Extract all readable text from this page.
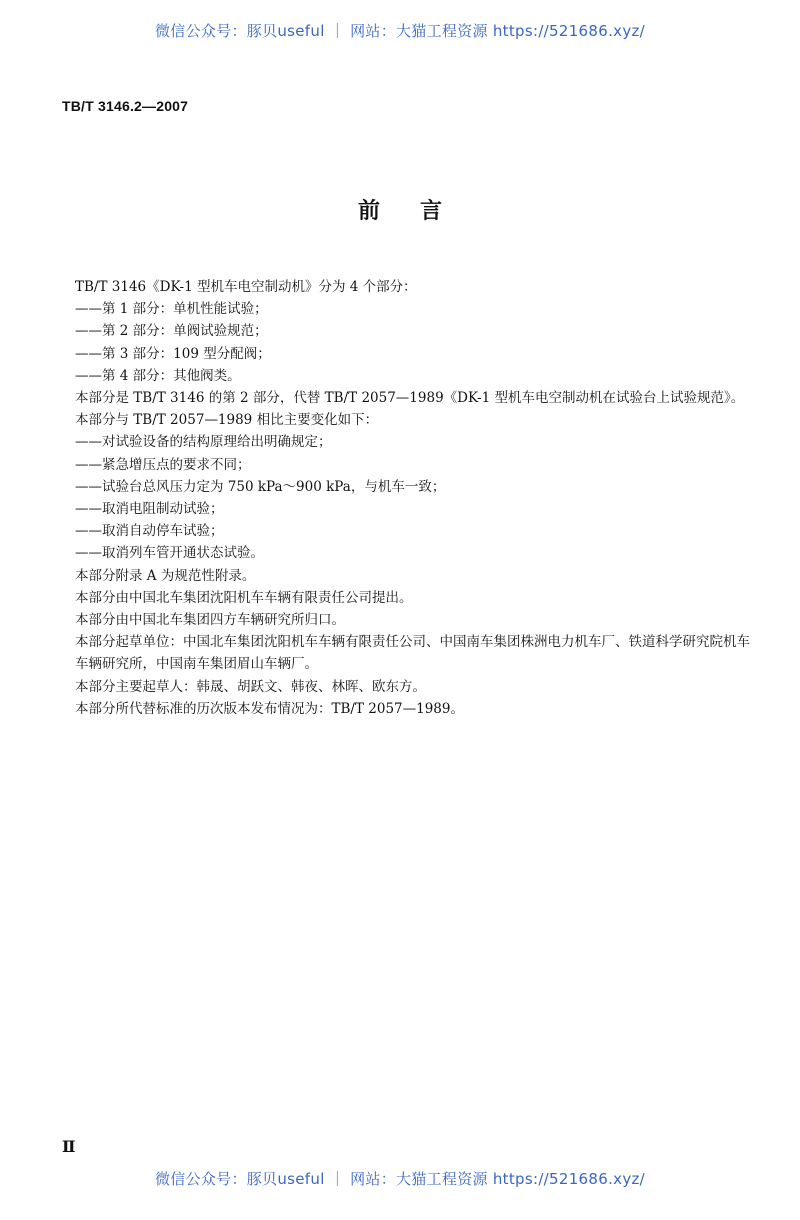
微信公众号：豚贝useful ｜ 网站：大猫工程资源 https://521686.xyz/
TB/T 3146.2—2007
前言
TB/T 3146《DK-1 型机车电空制动机》分为 4 个部分：
——第 1 部分：单机性能试验；
——第 2 部分：单阀试验规范；
——第 3 部分：109 型分配阀；
——第 4 部分：其他阀类。
本部分是 TB/T 3146 的第 2 部分，代替 TB/T 2057—1989《DK-1 型机车电空制动机在试验台上试验规范》。
本部分与 TB/T 2057—1989 相比主要变化如下：
——对试验设备的结构原理给出明确规定；
——紧急增压点的要求不同；
——试验台总风压力定为 750 kPa～900 kPa，与机车一致；
——取消电阻制动试验；
——取消自动停车试验；
——取消列车管开通状态试验。
本部分附录 A 为规范性附录。
本部分由中国北车集团沈阳机车车辆有限责任公司提出。
本部分由中国北车集团四方车辆研究所归口。
本部分起草单位：中国北车集团沈阳机车车辆有限责任公司、中国南车集团株洲电力机车厂、铁道科学研究院机车车辆研究所，中国南车集团眉山车辆厂。
本部分主要起草人：韩晟、胡跃文、韩夜、林晖、欧东方。
本部分所代替标准的历次版本发布情况为：TB/T 2057—1989。
Ⅱ
微信公众号：豚贝useful ｜ 网站：大猫工程资源 https://521686.xyz/
